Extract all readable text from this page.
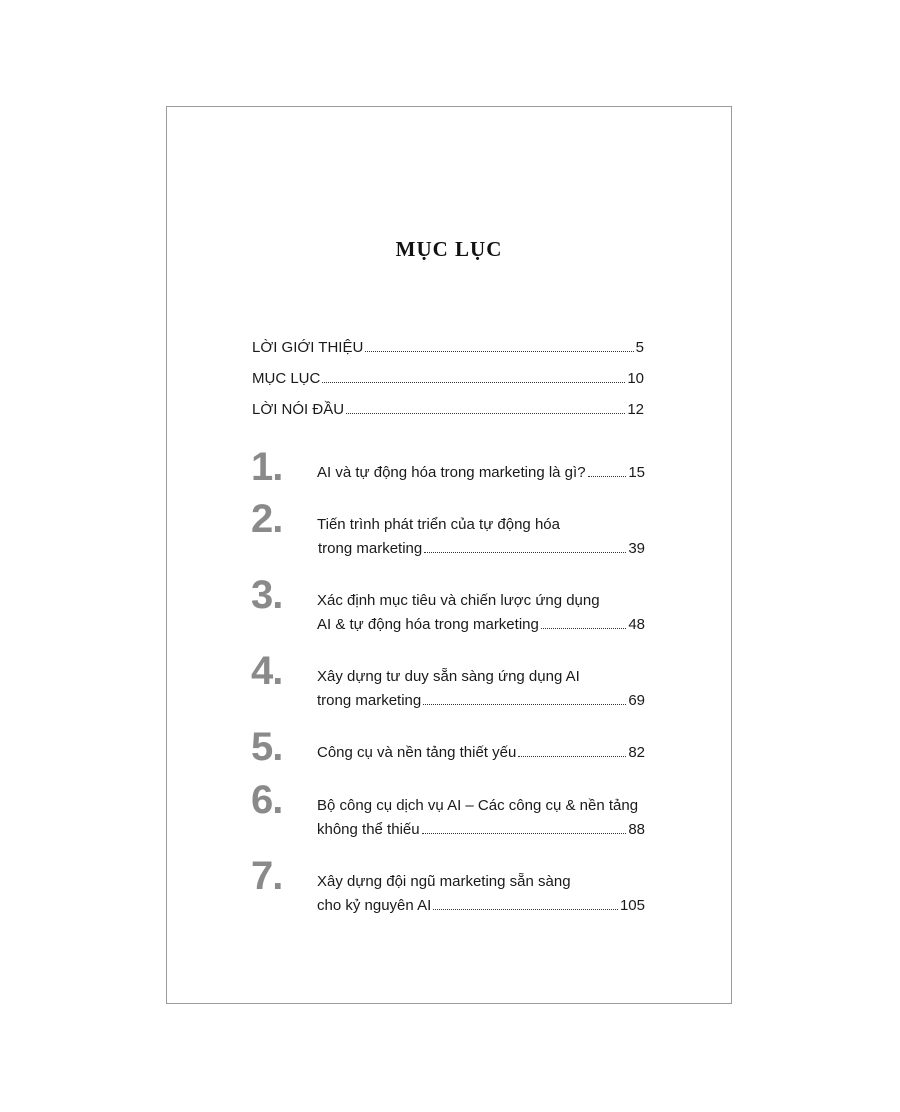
MỤC LỤC
LỜI GIỚI THIỆU	5
MỤC LỤC	10
LỜI NÓI ĐẦU	12
1. AI và tự động hóa trong marketing là gì?	15
2. Tiến trình phát triển của tự động hóa
trong marketing	39
3. Xác định mục tiêu và chiến lược ứng dụng
AI & tự động hóa trong marketing	48
4. Xây dựng tư duy sẵn sàng ứng dụng AI
trong marketing	69
5. Công cụ và nền tảng thiết yếu	82
6. Bộ công cụ dịch vụ AI – Các công cụ & nền tảng
không thể thiếu	88
7. Xây dựng đội ngũ marketing sẵn sàng
cho kỷ nguyên AI	105
